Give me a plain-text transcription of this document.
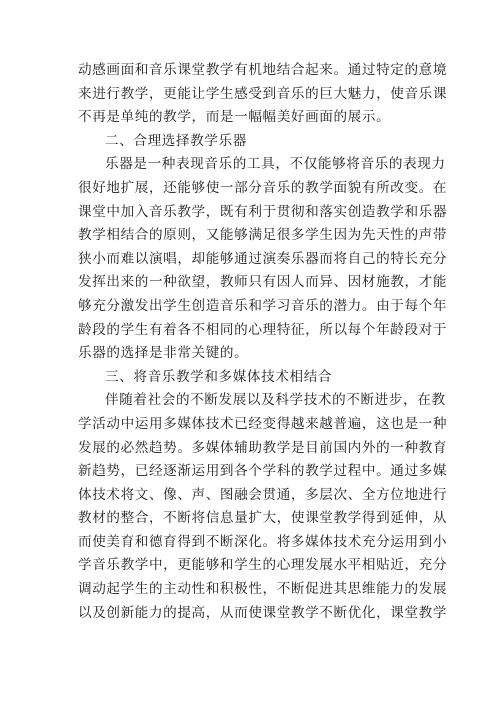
动感画面和音乐课堂教学有机地结合起来。通过特定的意境
来进行教学，更能让学生感受到音乐的巨大魅力，使音乐课
不再是单纯的教学，而是一幅幅美好画面的展示。
二、合理选择教学乐器
乐器是一种表现音乐的工具，不仅能够将音乐的表现力
很好地扩展，还能够使一部分音乐的教学面貌有所改变。在
课堂中加入音乐教学，既有利于贯彻和落实创造教学和乐器
教学相结合的原则，又能够满足很多学生因为先天性的声带
狭小而难以演唱，却能够通过演奏乐器而将自己的特长充分
发挥出来的一种欲望，教师只有因人而异、因材施教，才能
够充分激发出学生创造音乐和学习音乐的潜力。由于每个年
龄段的学生有着各不相同的心理特征，所以每个年龄段对于
乐器的选择是非常关键的。
三、将音乐教学和多媒体技术相结合
伴随着社会的不断发展以及科学技术的不断进步，在教
学活动中运用多媒体技术已经变得越来越普遍，这也是一种
发展的必然趋势。多媒体辅助教学是目前国内外的一种教育
新趋势，已经逐渐运用到各个学科的教学过程中。通过多媒
体技术将文、像、声、图融会贯通，多层次、全方位地进行
教材的整合，不断将信息量扩大，使课堂教学得到延伸，从
而使美育和德育得到不断深化。将多媒体技术充分运用到小
学音乐教学中，更能够和学生的心理发展水平相贴近，充分
调动起学生的主动性和积极性，不断促进其思维能力的发展
以及创新能力的提高，从而使课堂教学不断优化，课堂教学
